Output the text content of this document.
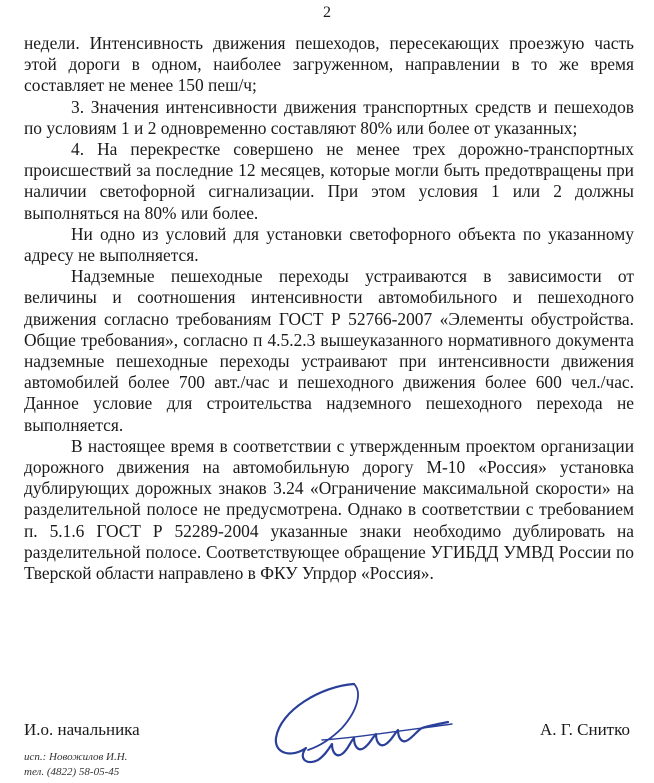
2

недели. Интенсивность движения пешеходов, пересекающих проезжую часть этой дороги в одном, наиболее загруженном, направлении в то же время составляет не менее 150 пеш/ч;

3. Значения интенсивности движения транспортных средств и пешеходов по условиям 1 и 2 одновременно составляют 80% или более от указанных;

4. На перекрестке совершено не менее трех дорожно-транспортных происшествий за последние 12 месяцев, которые могли быть предотвращены при наличии светофорной сигнализации. При этом условия 1 или 2 должны выполняться на 80% или более.

Ни одно из условий для установки светофорного объекта по указанному адресу не выполняется.

Надземные пешеходные переходы устраиваются в зависимости от величины и соотношения интенсивности автомобильного и пешеходного движения согласно требованиям ГОСТ Р 52766-2007 «Элементы обустройства. Общие требования», согласно п 4.5.2.3 вышеуказанного нормативного документа надземные пешеходные переходы устраивают при интенсивности движения автомобилей более 700 авт./час и пешеходного движения более 600 чел./час. Данное условие для строительства надземного пешеходного перехода не выполняется.

В настоящее время в соответствии с утвержденным проектом организации дорожного движения на автомобильную дорогу М-10 «Россия» установка дублирующих дорожных знаков 3.24 «Ограничение максимальной скорости» на разделительной полосе не предусмотрена. Однако в соответствии с требованием п. 5.1.6 ГОСТ Р 52289-2004 указанные знаки необходимо дублировать на разделительной полосе. Соответствующее обращение УГИБДД УМВД России по Тверской области направлено в ФКУ Упрдор «Россия».

И.о. начальника	А. Г. Снитко
исп.: Новожилов И.Н.
тел. (4822) 58-05-45
